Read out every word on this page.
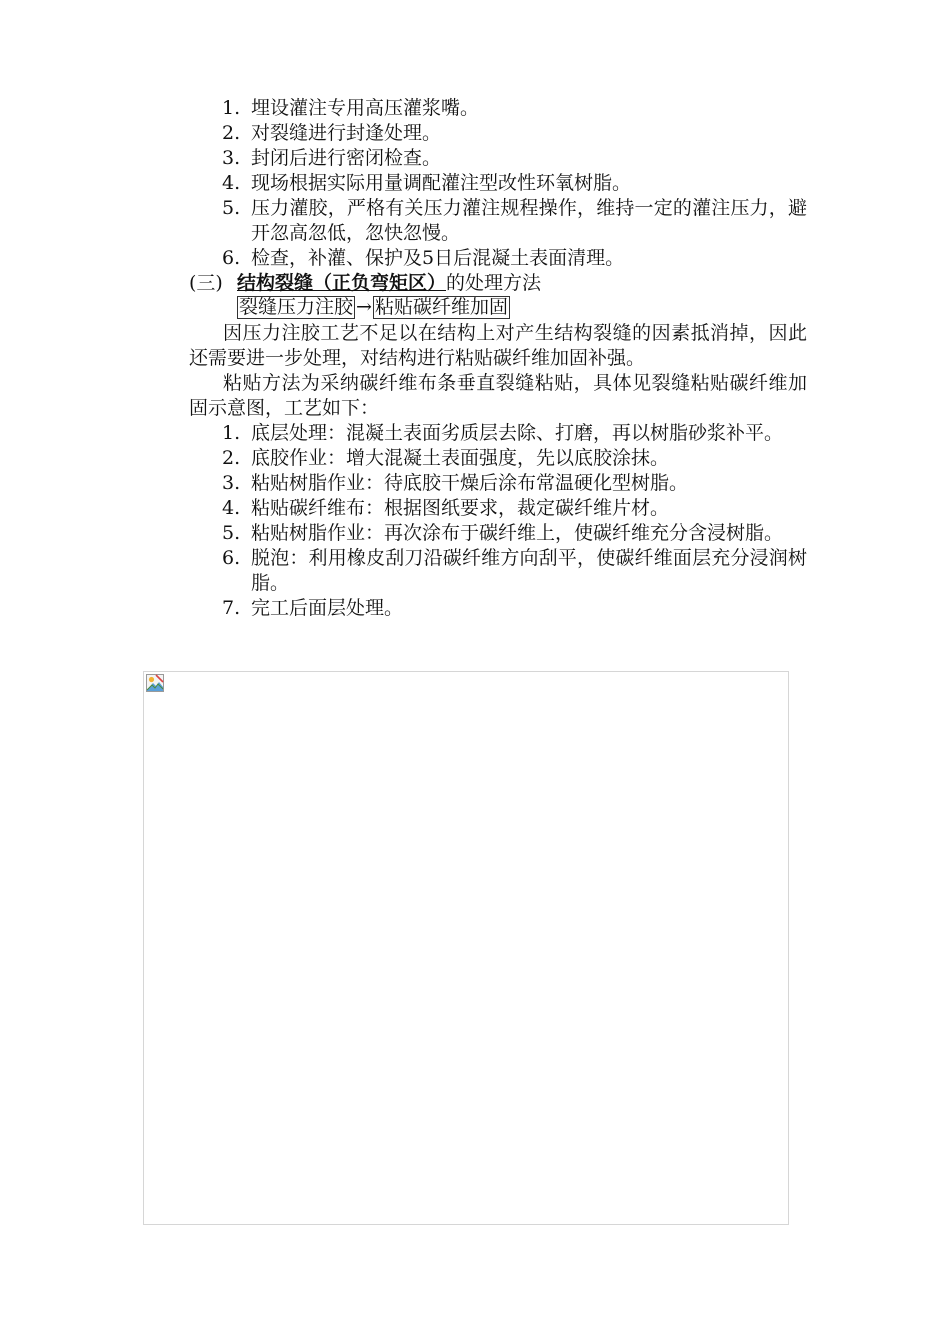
1. 埋设灌注专用高压灌浆嘴。
2. 对裂缝进行封逢处理。
3. 封闭后进行密闭检查。
4. 现场根据实际用量调配灌注型改性环氧树脂。
5. 压力灌胶，严格有关压力灌注规程操作，维持一定的灌注压力，避开忽高忽低，忽快忽慢。
6. 检查，补灌、保护及5日后混凝土表面清理。
(三) 结构裂缝（正负弯矩区）的处理方法
裂缝压力注胶 → 粘贴碳纤维加固

因压力注胶工艺不足以在结构上对产生结构裂缝的因素抵消掉，因此还需要进一步处理，对结构进行粘贴碳纤维加固补强。

粘贴方法为采纳碳纤维布条垂直裂缝粘贴，具体见裂缝粘贴碳纤维加固示意图，工艺如下：

1. 底层处理：混凝土表面劣质层去除、打磨，再以树脂砂浆补平。
2. 底胶作业：增大混凝土表面强度，先以底胶涂抹。
3. 粘贴树脂作业：待底胶干燥后涂布常温硬化型树脂。
4. 粘贴碳纤维布：根据图纸要求，裁定碳纤维片材。
5. 粘贴树脂作业：再次涂布于碳纤维上，使碳纤维充分含浸树脂。
6. 脱泡：利用橡皮刮刀沿碳纤维方向刮平，使碳纤维面层充分浸润树脂。
7. 完工后面层处理。
